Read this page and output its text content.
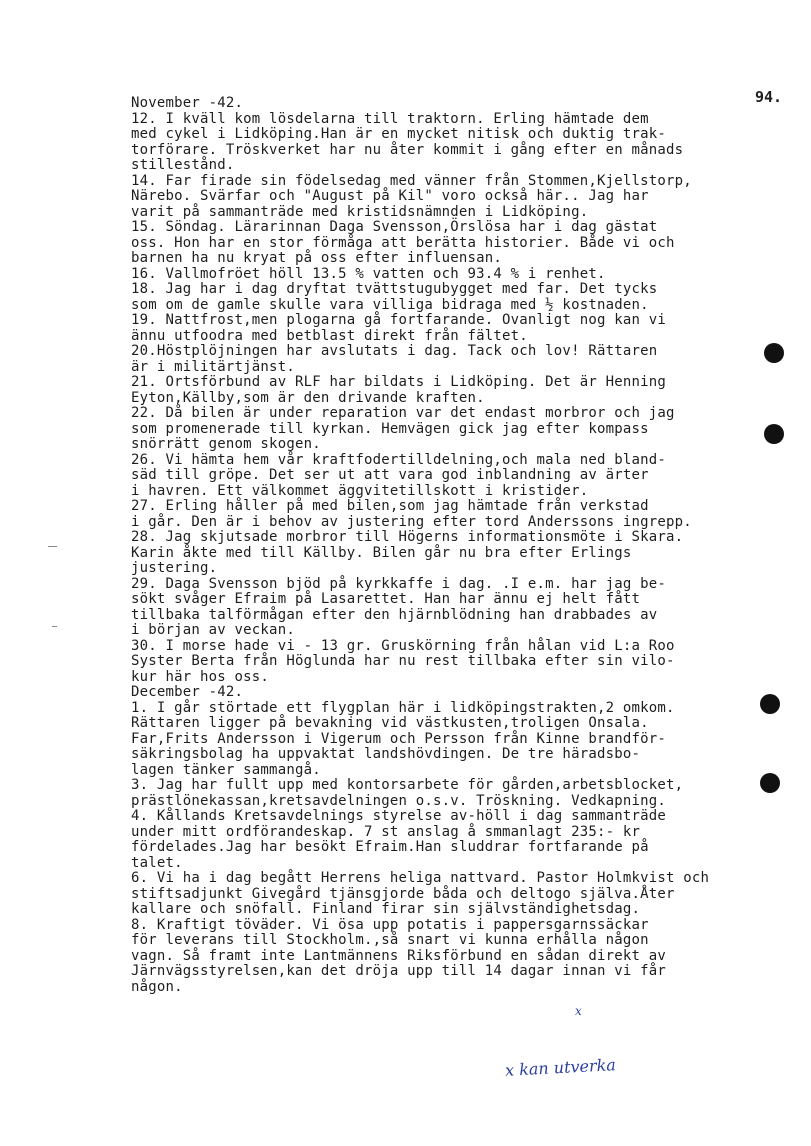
94.
November -42.
12. I kväll kom lösdelarna till traktorn. Erling hämtade dem
med cykel i Lidköping.Han är en mycket nitisk och duktig trak-
torförare. Tröskverket har nu åter kommit i gång efter en månads
stillestånd.
14. Far firade sin födelsedag med vänner från Stommen,Kjellstorp,
Närebo. Svärfar och "August på Kil" voro också här.. Jag har
varit på sammanträde med kristidsnämnden i Lidköping.
15. Söndag. Lärarinnan Daga Svensson,Örslösa har i dag gästat
oss. Hon har en stor förmåga att berätta historier. Både vi och
barnen ha nu kryat på oss efter influensan.
16. Vallmofröet höll 13.5 % vatten och 93.4 % i renhet.
18. Jag har i dag dryftat tvättstugubygget med far. Det tycks
som om de gamle skulle vara villiga bidraga med ½ kostnaden.
19. Nattfrost,men plogarna gå fortfarande. Ovanligt nog kan vi
ännu utfoodra med betblast direkt från fältet.
20.Höstplöjningen har avslutats i dag. Tack och lov! Rättaren
är i militärtjänst.
21. Ortsförbund av RLF har bildats i Lidköping. Det är Henning
Eyton,Källby,som är den drivande kraften.
22. Då bilen är under reparation var det endast morbror och jag
som promenerade till kyrkan. Hemvägen gick jag efter kompass
snörrätt genom skogen.
26. Vi hämta hem vår kraftfodertilldelning,och mala ned bland-
säd till gröpe. Det ser ut att vara god inblandning av ärter
i havren. Ett välkommet äggvitetillskott i kristider.
27. Erling håller på med bilen,som jag hämtade från verkstad
i går. Den är i behov av justering efter tord Anderssons ingrepp.
28. Jag skjutsade morbror till Högerns informationsmöte i Skara.
Karin åkte med till Källby. Bilen går nu bra efter Erlings
justering.
29. Daga Svensson bjöd på kyrkkaffe i dag. .I e.m. har jag be-
sökt svåger Efraim på Lasarettet. Han har ännu ej helt fått
tillbaka talförmågan efter den hjärnblödning han drabbades av
i början av veckan.
30. I morse hade vi - 13 gr. Gruskörning från hålan vid L:a Roo
Syster Berta från Höglunda har nu rest tillbaka efter sin vilo-
kur här hos oss.
December -42.
1. I går störtade ett flygplan här i lidköpingstrakten,2 omkom.
Rättaren ligger på bevakning vid västkusten,troligen Onsala.
Far,Frits Andersson i Vigerum och Persson från Kinne brandför-
säkringsbolag ha uppvaktat landshövdingen. De tre häradsbo-
lagen tänker sammangå.
3. Jag har fullt upp med kontorsarbete för gården,arbetsblocket,
prästlönekassan,kretsavdelningen o.s.v. Tröskning. Vedkapning.
4. Kållands Kretsavdelnings styrelse av-höll i dag sammanträde
under mitt ordförandeskap. 7 st anslag å smmanlagt 235:- kr
fördelades.Jag har besökt Efraim.Han sluddrar fortfarande på
talet.
6. Vi ha i dag begått Herrens heliga nattvard. Pastor Holmkvist och
stiftsadjunkt Givegård tjänsgjorde båda och deltogo själva.Åter
kallare och snöfall. Finland firar sin självständighetsdag.
8. Kraftigt töväder. Vi ösa upp potatis i pappersgarnssäckar
för leverans till Stockholm.,så snart vi kunna erhålla någon
vagn. Så framt inte Lantmännens Riksförbund en sådan direkt av
Järnvägsstyrelsen,kan det dröja upp till 14 dagar innan vi får
någon.
x
x kan utverka
